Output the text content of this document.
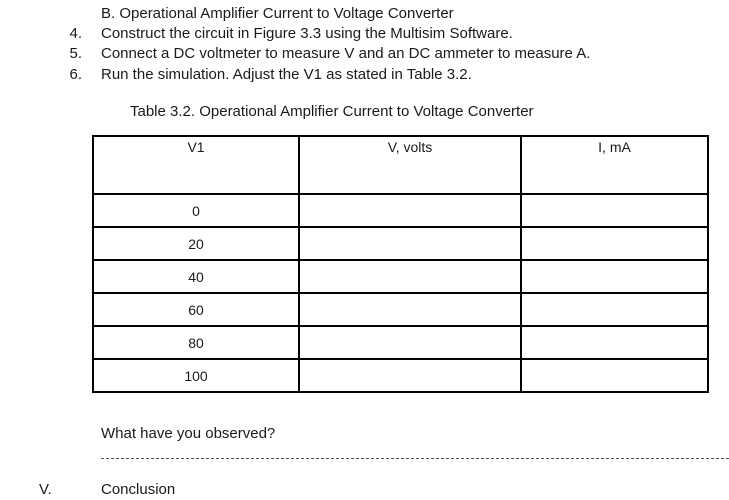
B. Operational Amplifier Current to Voltage Converter
4. Construct the circuit in Figure 3.3 using the Multisim Software.
5. Connect a DC voltmeter to measure V and an DC ammeter to measure A.
6. Run the simulation. Adjust the V1 as stated in Table 3.2.
Table 3.2. Operational Amplifier Current to Voltage Converter
V1	V, volts	I, mA
0		
20		
40		
60		
80		
100		
What have you observed?
V.	Conclusion
